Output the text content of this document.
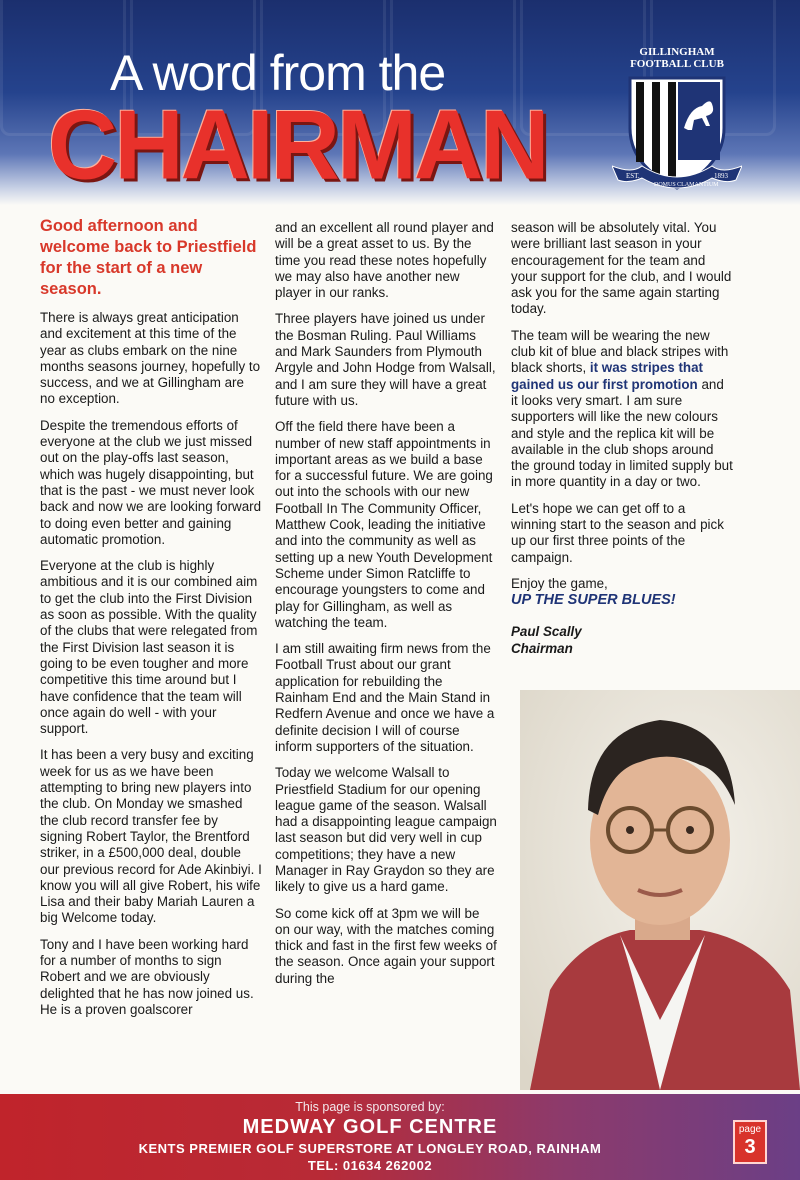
A word from the
CHAIRMAN	EST.
DOMUS CLAMANTIUM
1893
GILLINGHAM
FOOTBALL CLUB

Good afternoon and welcome back to Priestfield for the start of a new season.

There is always great anticipation and excitement at this time of the year as clubs embark on the nine months seasons journey, hopefully to success, and we at Gillingham are no exception.

Despite the tremendous efforts of everyone at the club we just missed out on the play-offs last season, which was hugely disappointing, but that is the past - we must never look back and now we are looking forward to doing even better and gaining automatic promotion.

Everyone at the club is highly ambitious and it is our combined aim to get the club into the First Division as soon as possible. With the quality of the clubs that were relegated from the First Division last season it is going to be even tougher and more competitive this time around but I have confidence that the team will once again do well - with your support.

It has been a very busy and exciting week for us as we have been attempting to bring new players into the club. On Monday we smashed the club record transfer fee by signing Robert Taylor, the Brentford striker, in a £500,000 deal, double our previous record for Ade Akinbiyi. I know you will all give Robert, his wife Lisa and their baby Mariah Lauren a big Welcome today.

Tony and I have been working hard for a number of months to sign Robert and we are obviously delighted that he has now joined us. He is a proven goalscorer

and an excellent all round player and will be a great asset to us. By the time you read these notes hopefully we may also have another new player in our ranks.

Three players have joined us under the Bosman Ruling. Paul Williams and Mark Saunders from Plymouth Argyle and John Hodge from Walsall, and I am sure they will have a great future with us.

Off the field there have been a number of new staff appointments in important areas as we build a base for a successful future. We are going out into the schools with our new Football In The Community Officer, Matthew Cook, leading the initiative and into the community as well as setting up a new Youth Development Scheme under Simon Ratcliffe to encourage youngsters to come and play for Gillingham, as well as watching the team.

I am still awaiting firm news from the Football Trust about our grant application for rebuilding the Rainham End and the Main Stand in Redfern Avenue and once we have a definite decision I will of course inform supporters of the situation.

Today we welcome Walsall to Priestfield Stadium for our opening league game of the season. Walsall had a disappointing league campaign last season but did very well in cup competitions; they have a new Manager in Ray Graydon so they are likely to give us a hard game.

So come kick off at 3pm we will be on our way, with the matches coming thick and fast in the first few weeks of the season. Once again your support during the

season will be absolutely vital. You were brilliant last season in your encouragement for the team and your support for the club, and I would ask you for the same again starting today.

The team will be wearing the new club kit of blue and black stripes with black shorts, it was stripes that gained us our first promotion and it looks very smart. I am sure supporters will like the new colours and style and the replica kit will be available in the club shops around the ground today in limited supply but in more quantity in a day or two.

Let's hope we can get off to a winning start to the season and pick up our first three points of the campaign.

Enjoy the game,

UP THE SUPER BLUES!

Paul Scally
Chairman
This page is sponsored by:
MEDWAY GOLF CENTRE
KENTS PREMIER GOLF SUPERSTORE AT LONGLEY ROAD, RAINHAM
TEL: 01634 262002
page
3
